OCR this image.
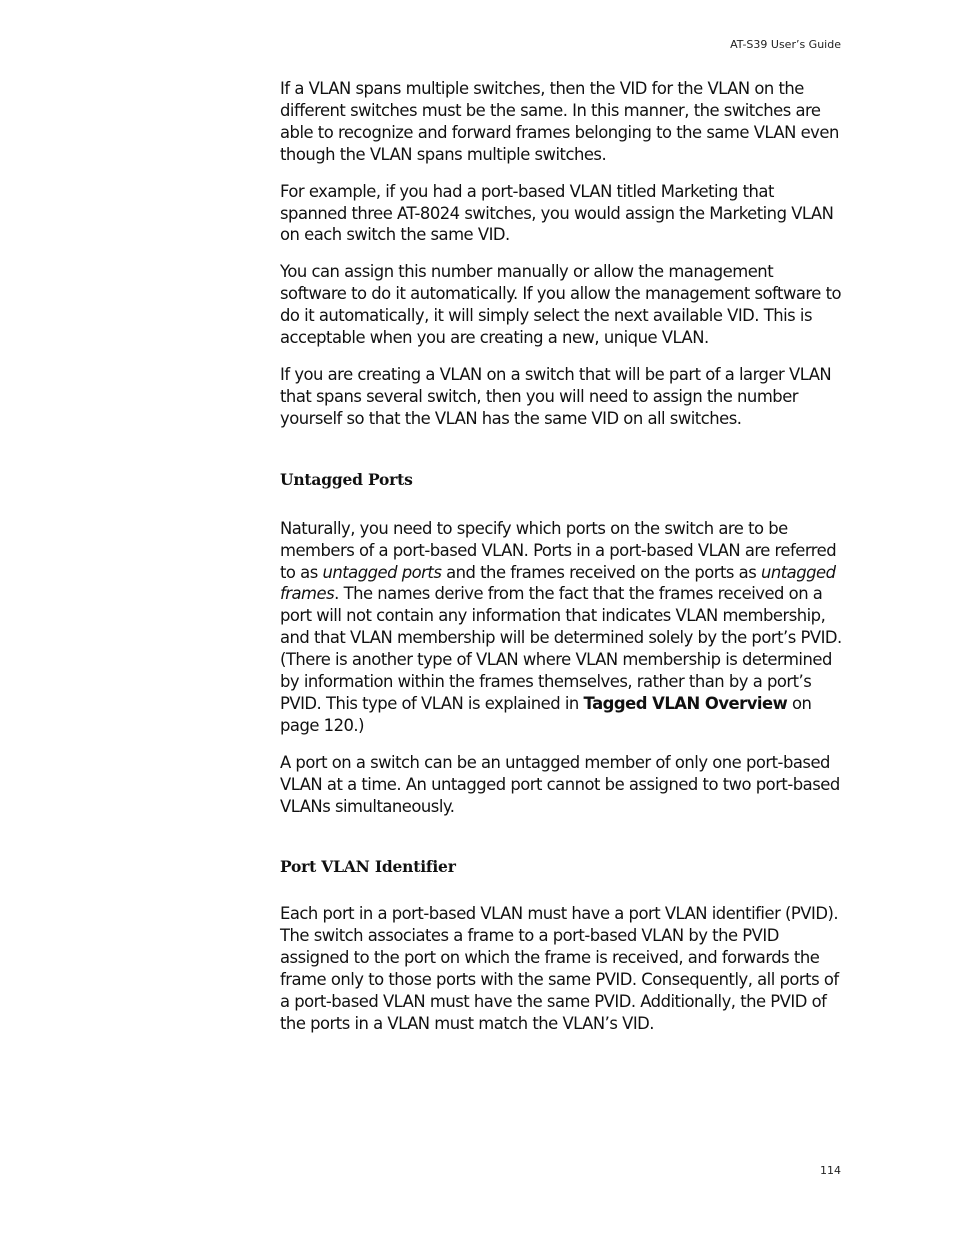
AT-S39 User’s Guide

If a VLAN spans multiple switches, then the VID for the VLAN on the different switches must be the same. In this manner, the switches are able to recognize and forward frames belonging to the same VLAN even though the VLAN spans multiple switches.

For example, if you had a port-based VLAN titled Marketing that spanned three AT-8024 switches, you would assign the Marketing VLAN on each switch the same VID.

You can assign this number manually or allow the management software to do it automatically. If you allow the management software to do it automatically, it will simply select the next available VID. This is acceptable when you are creating a new, unique VLAN.

If you are creating a VLAN on a switch that will be part of a larger VLAN that spans several switch, then you will need to assign the number yourself so that the VLAN has the same VID on all switches.

Untagged Ports

Naturally, you need to specify which ports on the switch are to be members of a port-based VLAN. Ports in a port-based VLAN are referred to as untagged ports and the frames received on the ports as untagged frames. The names derive from the fact that the frames received on a port will not contain any information that indicates VLAN membership, and that VLAN membership will be determined solely by the port’s PVID. (There is another type of VLAN where VLAN membership is determined by information within the frames themselves, rather than by a port’s PVID. This type of VLAN is explained in Tagged VLAN Overview on page 120.)

A port on a switch can be an untagged member of only one port-based VLAN at a time. An untagged port cannot be assigned to two port-based VLANs simultaneously.

Port VLAN Identifier

Each port in a port-based VLAN must have a port VLAN identifier (PVID). The switch associates a frame to a port-based VLAN by the PVID assigned to the port on which the frame is received, and forwards the frame only to those ports with the same PVID. Consequently, all ports of a port-based VLAN must have the same PVID. Additionally, the PVID of the ports in a VLAN must match the VLAN’s VID.

114
